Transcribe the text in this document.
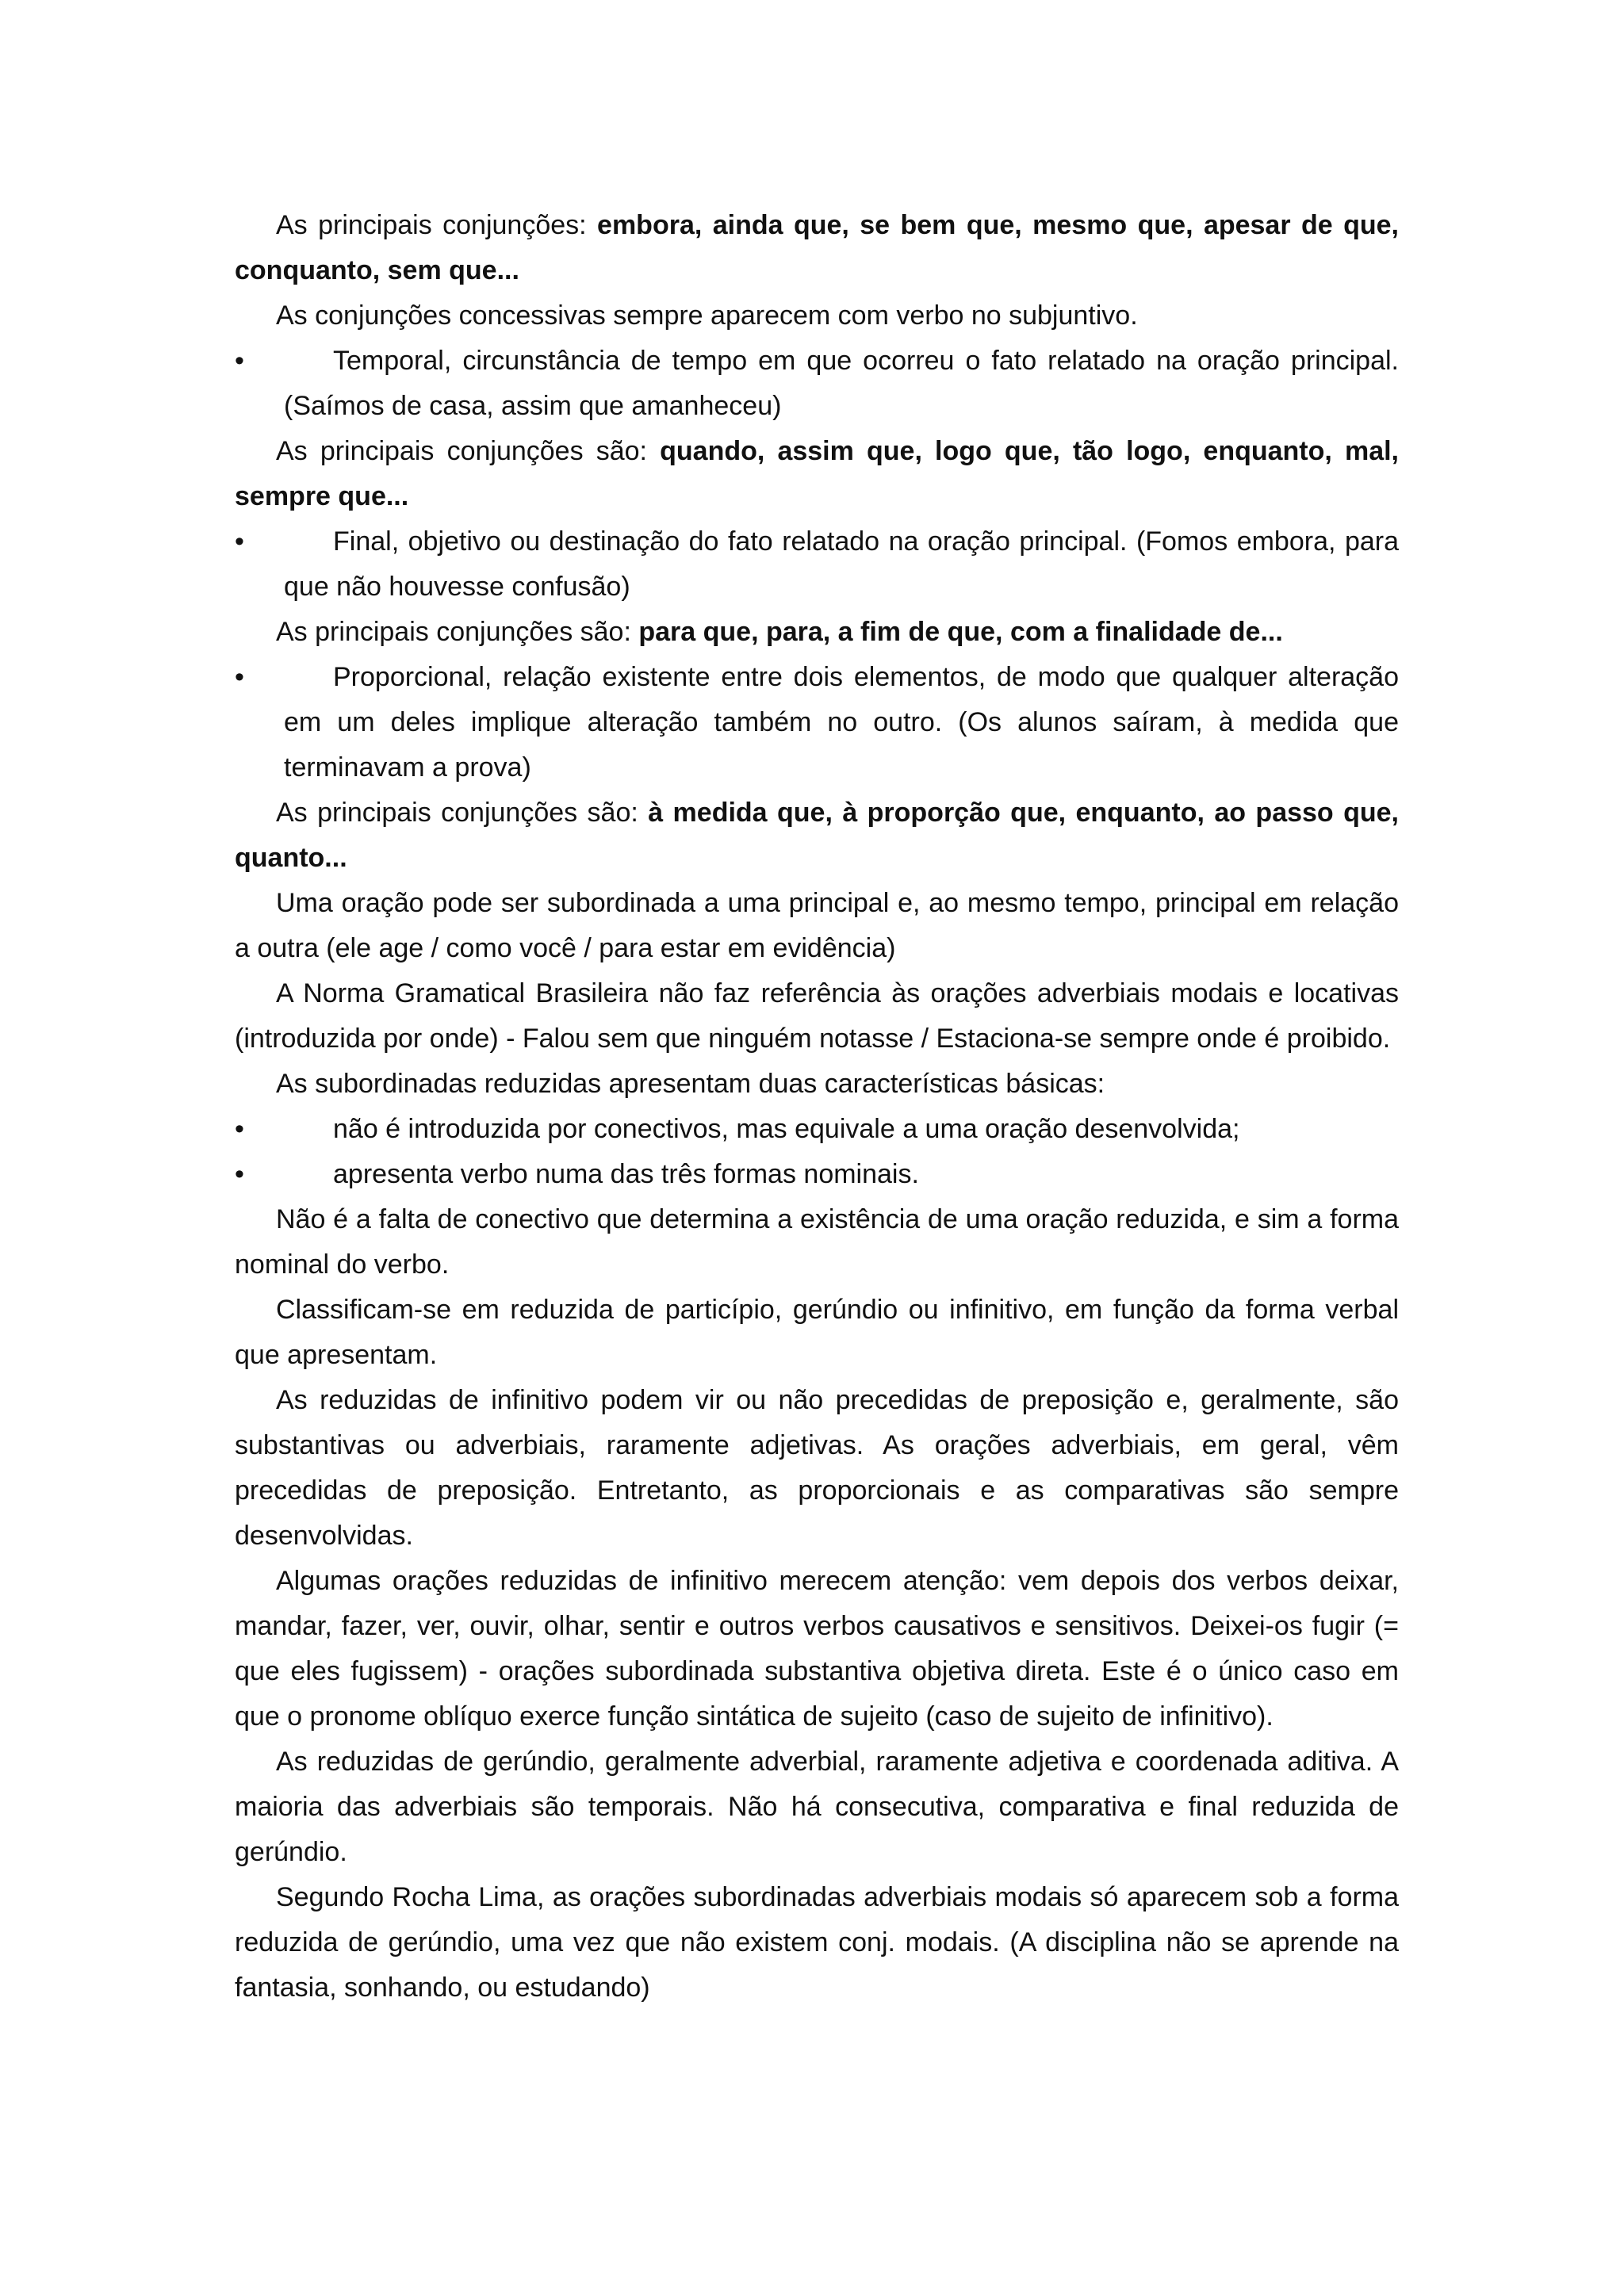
As principais conjunções: embora, ainda que, se bem que, mesmo que, apesar de que, conquanto, sem que...

As conjunções concessivas sempre aparecem com verbo no subjuntivo.

•	Temporal, circunstância de tempo em que ocorreu o fato relatado na oração principal. (Saímos de casa, assim que amanheceu)

As principais conjunções são: quando, assim que, logo que, tão logo, enquanto, mal, sempre que...

•	Final, objetivo ou destinação do fato relatado na oração principal. (Fomos embora, para que não houvesse confusão)

As principais conjunções são: para que, para, a fim de que, com a finalidade de...

•	Proporcional, relação existente entre dois elementos, de modo que qualquer alteração em um deles implique alteração também no outro. (Os alunos saíram, à medida que terminavam a prova)

As principais conjunções são: à medida que, à proporção que, enquanto, ao passo que, quanto...

Uma oração pode ser subordinada a uma principal e, ao mesmo tempo, principal em relação a outra (ele age / como você / para estar em evidência)

A Norma Gramatical Brasileira não faz referência às orações adverbiais modais e locativas (introduzida por onde) - Falou sem que ninguém notasse / Estaciona-se sempre onde é proibido.

As subordinadas reduzidas apresentam duas características básicas:

•	não é introduzida por conectivos, mas equivale a uma oração desenvolvida;

•	apresenta verbo numa das três formas nominais.

Não é a falta de conectivo que determina a existência de uma oração reduzida, e sim a forma nominal do verbo.

Classificam-se em reduzida de particípio, gerúndio ou infinitivo, em função da forma verbal que apresentam.

As reduzidas de infinitivo podem vir ou não precedidas de preposição e, geralmente, são substantivas ou adverbiais, raramente adjetivas. As orações adverbiais, em geral, vêm precedidas de preposição. Entretanto, as proporcionais e as comparativas são sempre desenvolvidas.

Algumas orações reduzidas de infinitivo merecem atenção: vem depois dos verbos deixar, mandar, fazer, ver, ouvir, olhar, sentir e outros verbos causativos e sensitivos. Deixei-os fugir (= que eles fugissem) - orações subordinada substantiva objetiva direta. Este é o único caso em que o pronome oblíquo exerce função sintática de sujeito (caso de sujeito de infinitivo).

As reduzidas de gerúndio, geralmente adverbial, raramente adjetiva e coordenada aditiva. A maioria das adverbiais são temporais. Não há consecutiva, comparativa e final reduzida de gerúndio.

Segundo Rocha Lima, as orações subordinadas adverbiais modais só aparecem sob a forma reduzida de gerúndio, uma vez que não existem conj. modais. (A disciplina não se aprende na fantasia, sonhando, ou estudando)
